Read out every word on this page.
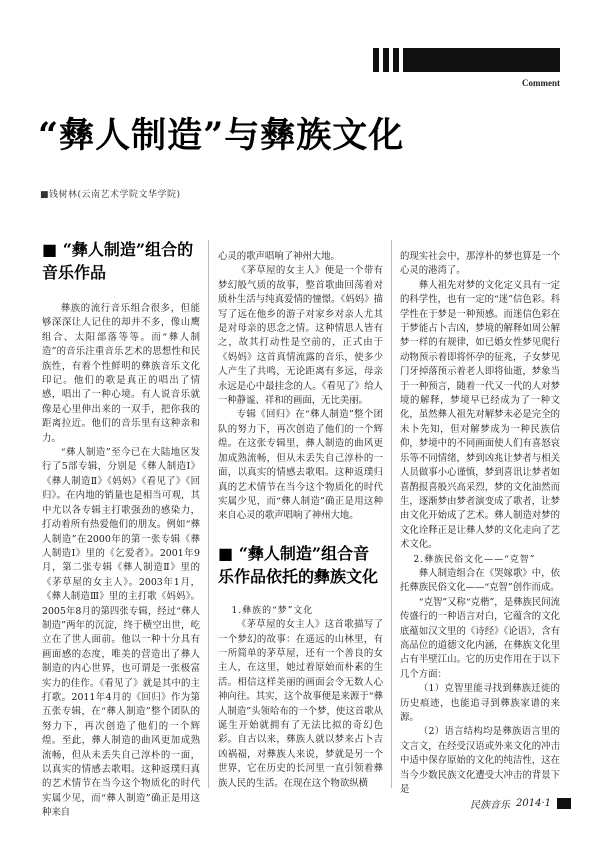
Comment
“彝人制造”与彝族文化
■钱树林(云南艺术学院文华学院)
■ “彝人制造”组合的音乐作品

彝族的流行音乐组合很多，但能够深深让人记住的却并不多，像山鹰组合、太阳部落等等。而“彝人制造”的音乐注重音乐艺术的思想性和民族性，有着个性鲜明的彝族音乐文化印记。他们的歌是真正的唱出了情感，唱出了一种心境。有人说音乐就像是心里伸出来的一双手，把你我的距离拉近。他们的音乐里有这种亲和力。

“彝人制造”至今已在大陆地区发行了5部专辑，分别是《彝人制造Ⅰ》《彝人制造Ⅱ》《妈妈》《看见了》《回归》。在内地的销量也是相当可观，其中尤以各专辑主打歌强劲的感染力，打动着所有热爱他们的朋友。例如“彝人制造”在2000年的第一张专辑《彝人制造Ⅰ》里的《乞爱者》。2001年9月，第二张专辑《彝人制造Ⅱ》里的《茅草屋的女主人》。2003年1月，《彝人制造Ⅲ》里的主打歌《妈妈》。2005年8月的第四张专辑，经过“彝人制造”两年的沉淀，终于横空出世，屹立在了世人面前。他以一种十分具有画面感的态度，唯美的营造出了彝人制造的内心世界，也可谓是一张极富实力的佳作。《看见了》就是其中的主打歌。2011年4月的《回归》作为第五张专辑，在“彝人制造”整个团队的努力下，再次创造了他们的一个辉煌。至此，彝人制造的曲风更加成熟流畅，但从未丢失自己淳朴的一面，以真实的情感去歌唱。这种返璞归真的艺术情节在当今这个物质化的时代实属少见，而“彝人制造”确正是用这种来自

心灵的歌声唱响了神州大地。

《茅草屋的女主人》便是一个带有梦幻般气质的故事，整首歌曲回荡着对质朴生活与纯真爱情的憧憬。《妈妈》描写了远在他乡的游子对家乡对亲人尤其是对母亲的思念之情。这种情思人皆有之，故其打动性是空前的，正式由于《妈妈》这首真情流露的音乐，使多少人产生了共鸣，无论距离有多远，母亲永远是心中最挂念的人。《看见了》给人一种静谧、祥和的画面，无比美丽。

专辑《回归》在“彝人制造”整个团队的努力下，再次创造了他们的一个辉煌。在这张专辑里，彝人制造的曲风更加成熟流畅，但从未丢失自己淳朴的一面，以真实的情感去歌唱。这种返璞归真的艺术情节在当今这个物质化的时代实属少见，而“彝人制造”确正是用这种来自心灵的歌声唱响了神州大地。

■ “彝人制造”组合音乐作品依托的彝族文化

1.彝族的“梦”文化

《茅草屋的女主人》这首歌描写了一个梦幻的故事：在遥远的山林里，有一所简单的茅草屋，还有一个善良的女主人，在这里，她过着原始而朴素的生活。相信这样美丽的画面会令无数人心神向往。其实，这个故事便是来源于“彝人制造”头领哈布的一个梦，使这首歌从诞生开始就拥有了无法比拟的奇幻色彩。自古以来，彝族人就以梦来占卜吉凶祸福，对彝族人来说，梦就是另一个世界，它在历史的长河里一直引领着彝族人民的生活。在现在这个物欲纵横

的现实社会中，那淳朴的梦也算是一个心灵的港湾了。

彝人祖先对梦的文化定义具有一定的科学性，也有一定的“迷”信色彩。科学性在于梦是一种预感。而迷信色彩在于梦能占卜吉凶，梦境的解释如周公解梦一样的有规律，如已婚女性梦见爬行动物预示着即将怀孕的征兆，子女梦见门牙掉落预示着老人即将仙逝，梦象当于一种预言，随着一代又一代的人对梦境的解释，梦境早已经成为了一种文化，虽然彝人祖先对解梦未必是完全的未卜先知，但对解梦成为一种民族信仰，梦境中的不同画面使人们有喜怒哀乐等不同情绪，梦到凶兆让梦者与相关人员做事小心谨慎，梦到喜讯让梦者如喜鹊报喜般兴高采烈，梦的文化油然而生，逐渐梦由梦者演变成了歌者，让梦由文化开始成了艺术。彝人制造对梦的文化诠释正是让彝人梦的文化走向了艺术文化。

2.彝族民俗文化——“克智”

彝人制造组合在《哭嫁歌》中，依托彝族民俗文化——“克智”创作而成。

“克智”又称“克楷”，是彝族民间流传盛行的一种语言对白，它蕴含的文化底蕴如汉文里的《诗经》《论语》，含有高品位的道德文化内涵，在彝族文化里占有半壁江山。它的历史作用在于以下几个方面：

（1）克智里能寻找到彝族迁徙的历史痕迹，也能追寻到彝族家谱的来源。

（2）语言结构均是彝族语言里的文言文，在经受汉语或外来文化的冲击中适中保存原始的文化的纯洁性，这在当今少数民族文化遭受大冲击的背景下是

民族音乐 2014·1
